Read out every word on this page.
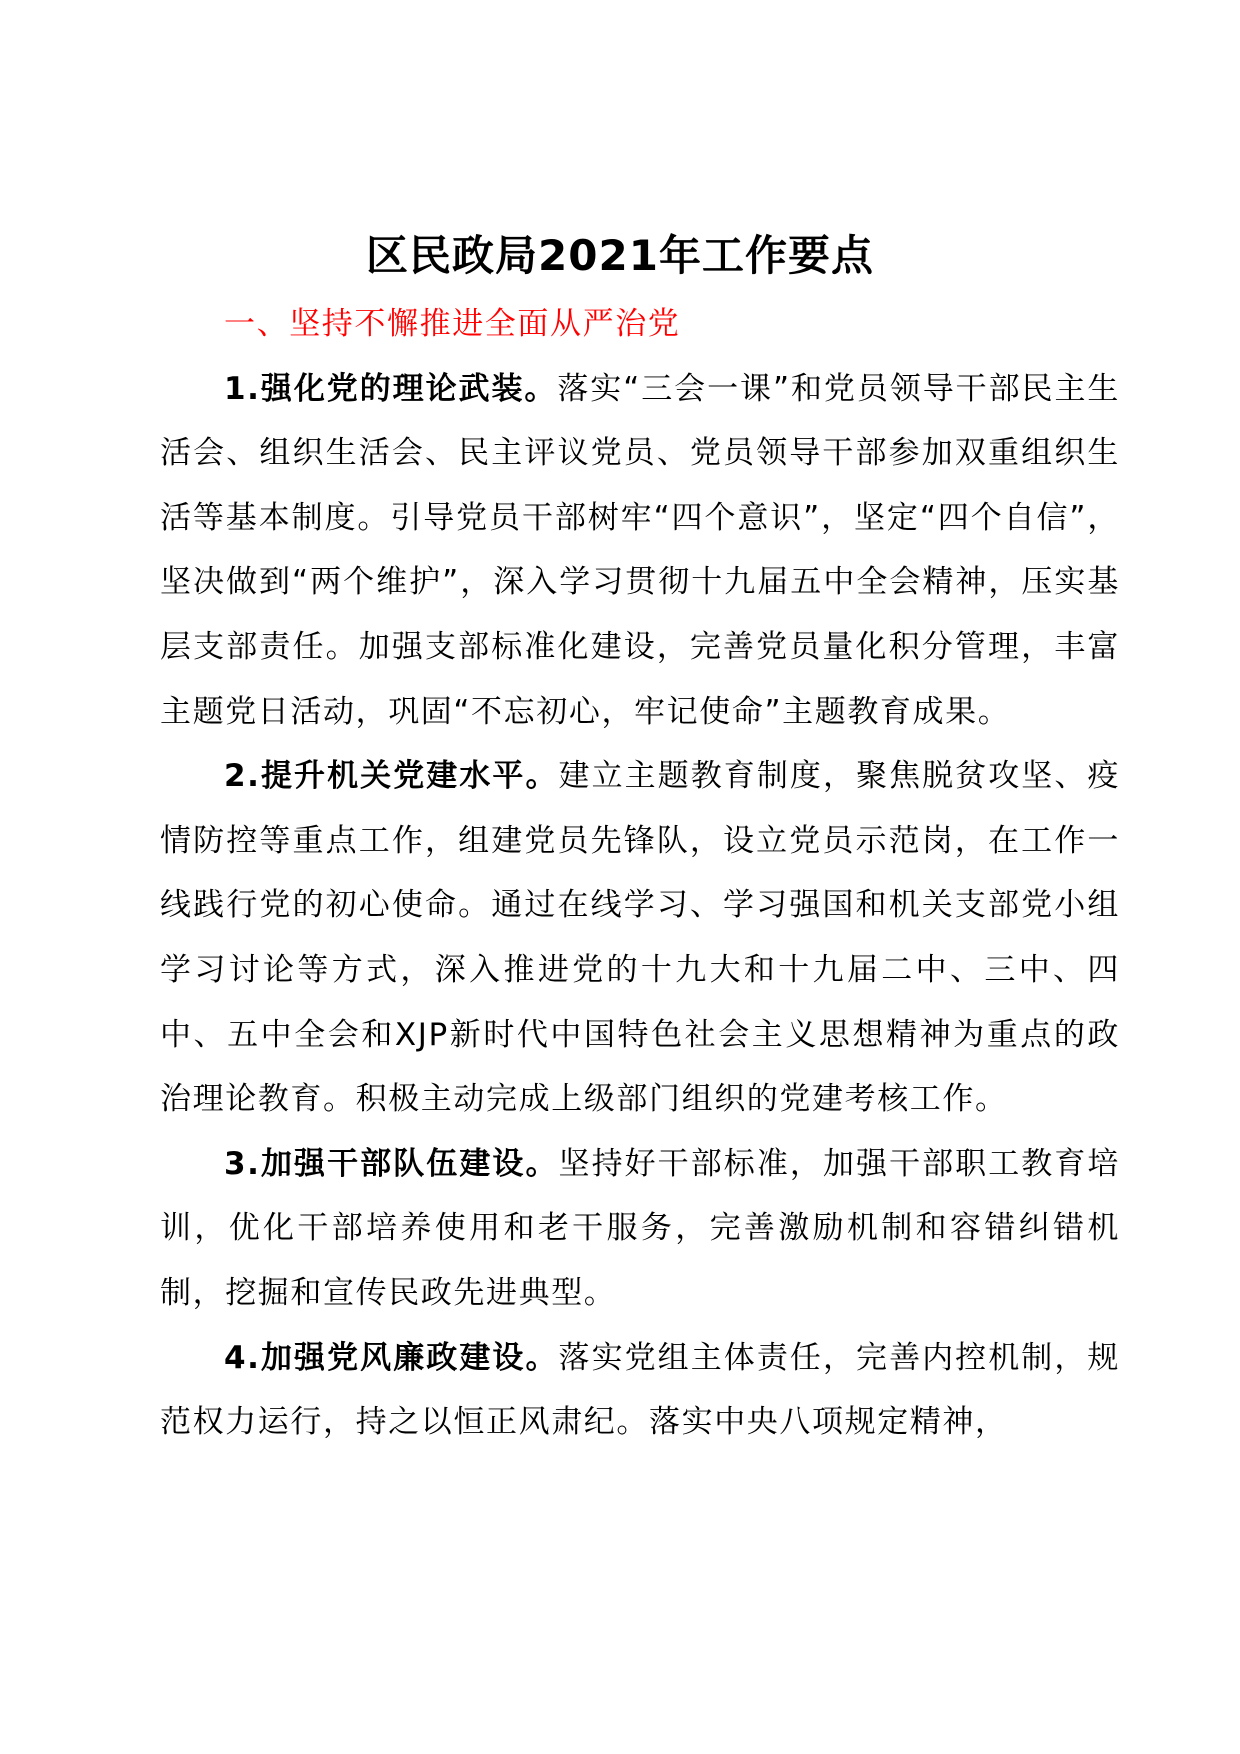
区民政局2021年工作要点

一、坚持不懈推进全面从严治党

1.强化党的理论武装。落实“三会一课”和党员领导干部民主生活会、组织生活会、民主评议党员、党员领导干部参加双重组织生活等基本制度。引导党员干部树牢“四个意识”，坚定“四个自信”，坚决做到“两个维护”，深入学习贯彻十九届五中全会精神，压实基层支部责任。加强支部标准化建设，完善党员量化积分管理，丰富主题党日活动，巩固“不忘初心，牢记使命”主题教育成果。

2.提升机关党建水平。建立主题教育制度，聚焦脱贫攻坚、疫情防控等重点工作，组建党员先锋队，设立党员示范岗，在工作一线践行党的初心使命。通过在线学习、学习强国和机关支部党小组学习讨论等方式，深入推进党的十九大和十九届二中、三中、四中、五中全会和XJP新时代中国特色社会主义思想精神为重点的政治理论教育。积极主动完成上级部门组织的党建考核工作。

3.加强干部队伍建设。坚持好干部标准，加强干部职工教育培训，优化干部培养使用和老干服务，完善激励机制和容错纠错机制，挖掘和宣传民政先进典型。

4.加强党风廉政建设。落实党组主体责任，完善内控机制，规范权力运行，持之以恒正风肃纪。落实中央八项规定精神，
